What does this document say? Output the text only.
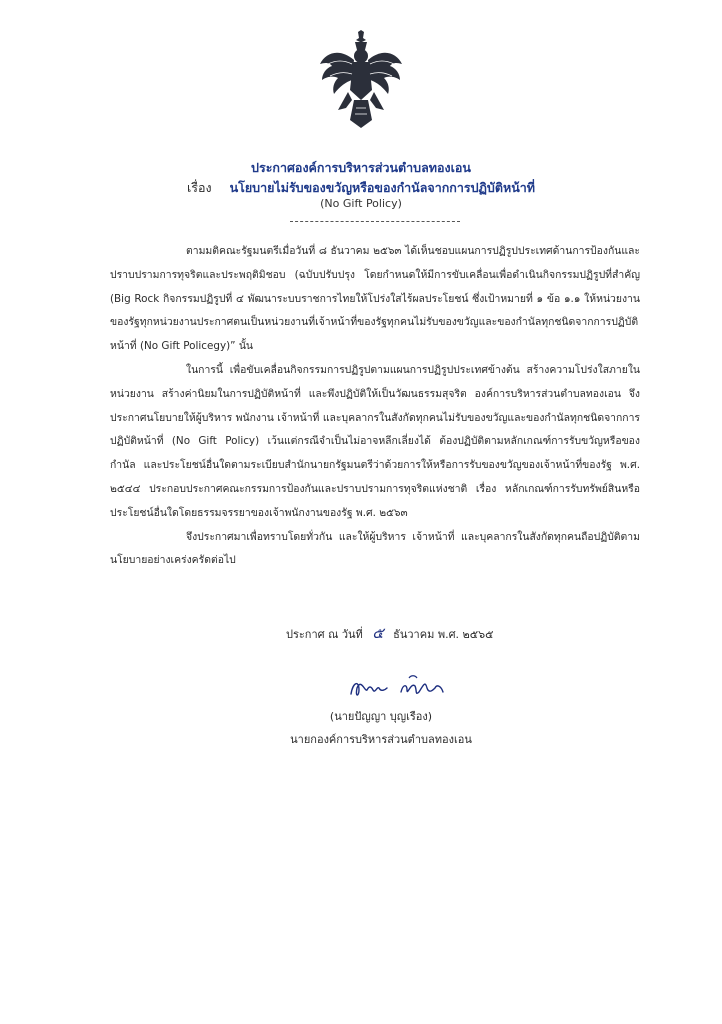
ประกาศองค์การบริหารส่วนตำบลทองเอน
เรื่อง นโยบายไม่รับของขวัญหรือของกำนัลจากการปฏิบัติหน้าที่
(No Gift Policy)

ตามมติคณะรัฐมนตรีเมื่อวันที่ ๘ ธันวาคม ๒๕๖๓ ได้เห็นชอบแผนการปฏิรูปประเทศด้านการป้องกันและปราบปรามการทุจริตและประพฤติมิชอบ (ฉบับปรับปรุง โดยกำหนดให้มีการขับเคลื่อนเพื่อดำเนินกิจกรรมปฏิรูปที่สำคัญ (Big Rock กิจกรรมปฏิรูปที่ ๔ พัฒนาระบบราชการไทยให้โปร่งใสไร้ผลประโยชน์ ซึ่งเป้าหมายที่ ๑ ข้อ ๑.๑ ให้หน่วยงานของรัฐทุกหน่วยงานประกาศตนเป็นหน่วยงานที่เจ้าหน้าที่ของรัฐทุกคนไม่รับของขวัญและของกำนัลทุกชนิดจากการปฏิบัติหน้าที่ (No Gift Policegy)” นั้น

ในการนี้ เพื่อขับเคลื่อนกิจกรรมการปฏิรูปตามแผนการปฏิรูปประเทศข้างต้น สร้างความโปร่งใสภายในหน่วยงาน สร้างค่านิยมในการปฏิบัติหน้าที่ และพึงปฏิบัติให้เป็นวัฒนธรรมสุจริต องค์การบริหารส่วนตำบลทองเอน จึงประกาศนโยบายให้ผู้บริหาร พนักงาน เจ้าหน้าที่ และบุคลากรในสังกัดทุกคนไม่รับของขวัญและของกำนัลทุกชนิดจากการปฏิบัติหน้าที่ (No Gift Policy) เว้นแต่กรณีจำเป็นไม่อาจหลีกเลี่ยงได้ ต้องปฏิบัติตามหลักเกณฑ์การรับขวัญหรือของกำนัล และประโยชน์อื่นใดตามระเบียบสำนักนายกรัฐมนตรีว่าด้วยการให้หรือการรับของขวัญของเจ้าหน้าที่ของรัฐ พ.ศ. ๒๕๔๔ ประกอบประกาศคณะกรรมการป้องกันและปราบปรามการทุจริตแห่งชาติ เรื่อง หลักเกณฑ์การรับทรัพย์สินหรือประโยชน์อื่นใดโดยธรรมจรรยาของเจ้าพนักงานของรัฐ พ.ศ. ๒๕๖๓

จึงประกาศมาเพื่อทราบโดยทั่วกัน และให้ผู้บริหาร เจ้าหน้าที่ และบุคลากรในสังกัดทุกคนถือปฏิบัติตามนโยบายอย่างเคร่งครัดต่อไป

ประกาศ ณ วันที่ ๕ ธันวาคม พ.ศ. ๒๕๖๕
(นายปัญญา บุญเรือง)
นายกองค์การบริหารส่วนตำบลทองเอน
